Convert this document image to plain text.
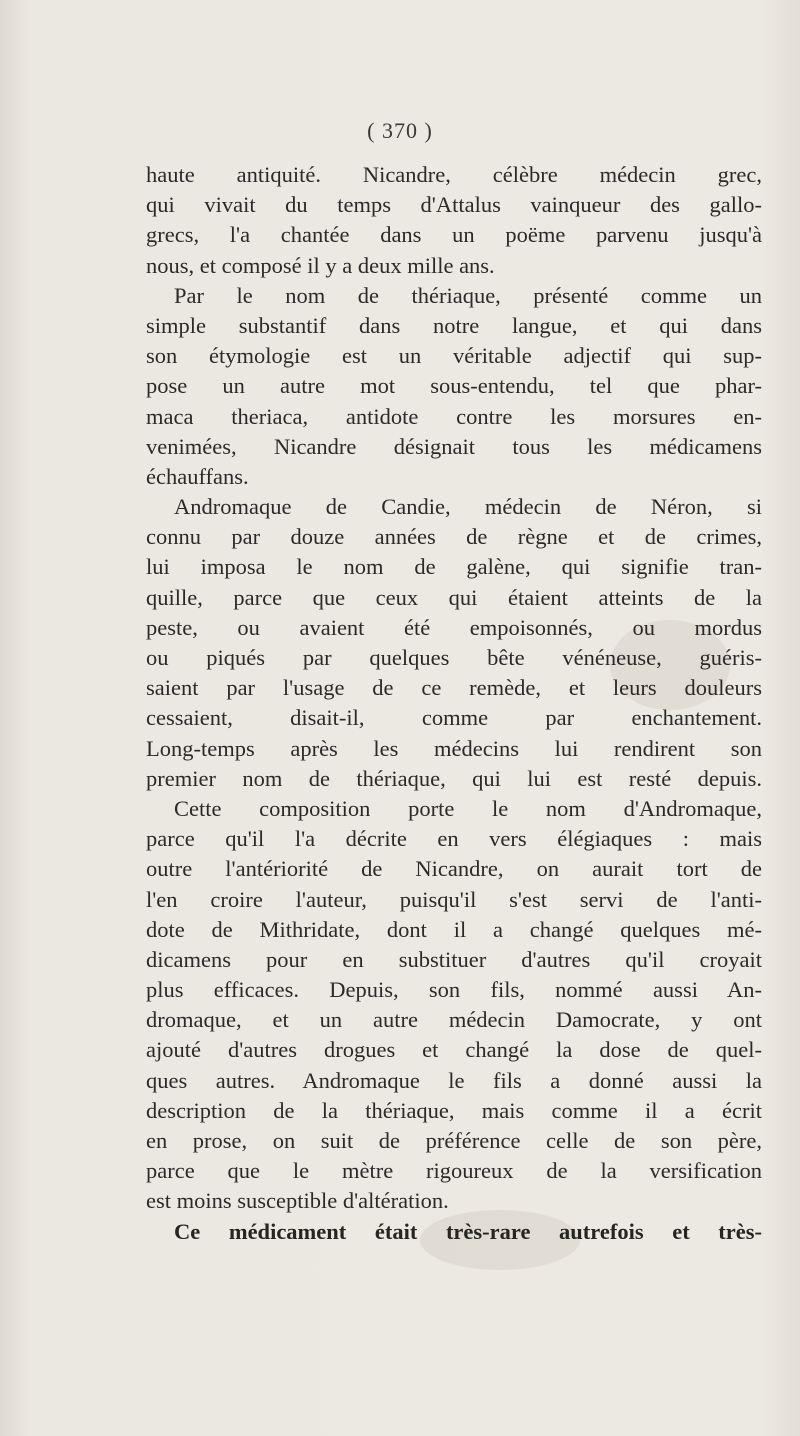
( 370 )
haute antiquité. Nicandre, célèbre médecin grec,
qui vivait du temps d'Attalus vainqueur des gallo-
grecs, l'a chantée dans un poëme parvenu jusqu'à
nous, et composé il y a deux mille ans.
Par le nom de thériaque, présenté comme un
simple substantif dans notre langue, et qui dans
son étymologie est un véritable adjectif qui sup-
pose un autre mot sous-entendu, tel que phar-
maca theriaca, antidote contre les morsures en-
venimées, Nicandre désignait tous les médicamens
échauffans.
Andromaque de Candie, médecin de Néron, si
connu par douze années de règne et de crimes,
lui imposa le nom de galène, qui signifie tran-
quille, parce que ceux qui étaient atteints de la
peste, ou avaient été empoisonnés, ou mordus
ou piqués par quelques bête vénéneuse, guéris-
saient par l'usage de ce remède, et leurs douleurs
cessaient, disait-il, comme par enchantement.
Long-temps après les médecins lui rendirent son
premier nom de thériaque, qui lui est resté depuis.
Cette composition porte le nom d'Andromaque,
parce qu'il l'a décrite en vers élégiaques : mais
outre l'antériorité de Nicandre, on aurait tort de
l'en croire l'auteur, puisqu'il s'est servi de l'anti-
dote de Mithridate, dont il a changé quelques mé-
dicamens pour en substituer d'autres qu'il croyait
plus efficaces. Depuis, son fils, nommé aussi An-
dromaque, et un autre médecin Damocrate, y ont
ajouté d'autres drogues et changé la dose de quel-
ques autres. Andromaque le fils a donné aussi la
description de la thériaque, mais comme il a écrit
en prose, on suit de préférence celle de son père,
parce que le mètre rigoureux de la versification
est moins susceptible d'altération.
Ce médicament était très-rare autrefois et très-
